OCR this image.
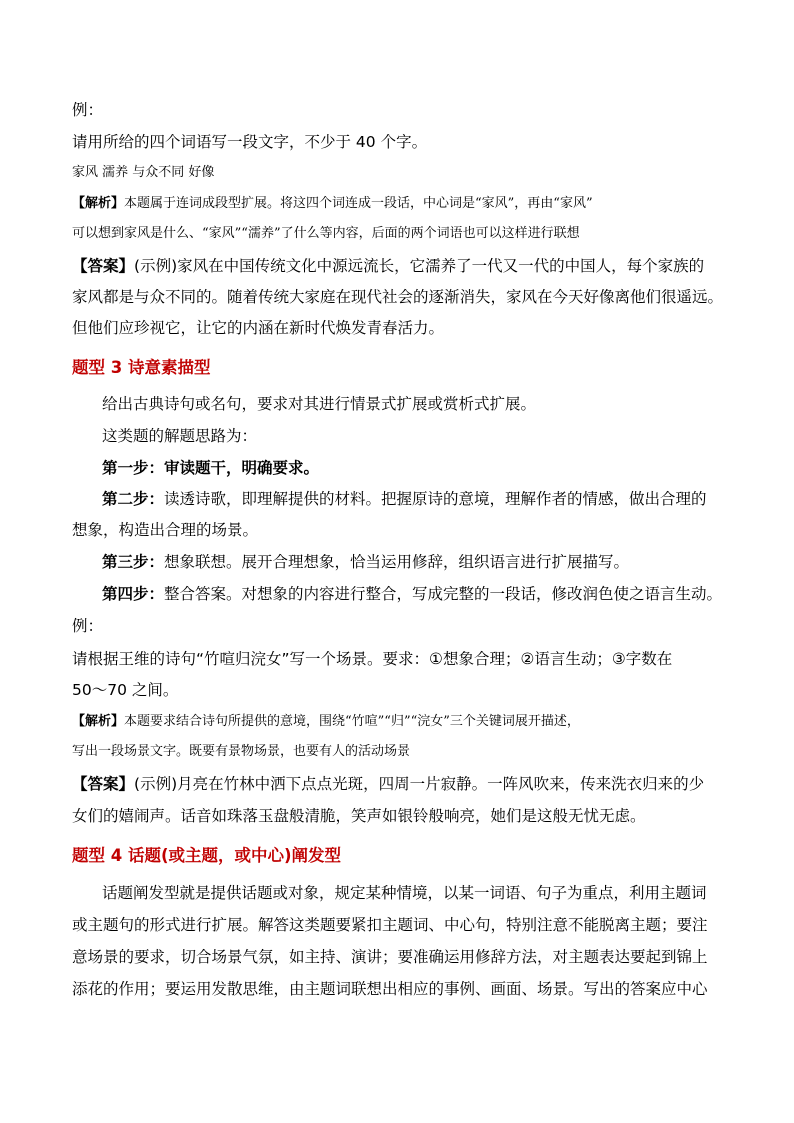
例：
请用所给的四个词语写一段文字，不少于 40 个字。
家风 濡养 与众不同 好像
【解析】本题属于连词成段型扩展。将这四个词连成一段话，中心词是“家风”，再由“家风”
可以想到家风是什么、“家风”“濡养”了什么等内容，后面的两个词语也可以这样进行联想
【答案】(示例)家风在中国传统文化中源远流长，它濡养了一代又一代的中国人，每个家族的
家风都是与众不同的。随着传统大家庭在现代社会的逐渐消失，家风在今天好像离他们很遥远。
但他们应珍视它，让它的内涵在新时代焕发青春活力。
题型 3 诗意素描型
给出古典诗句或名句，要求对其进行情景式扩展或赏析式扩展。
这类题的解题思路为：
第一步：审读题干，明确要求。
第二步：读透诗歌，即理解提供的材料。把握原诗的意境，理解作者的情感，做出合理的
想象，构造出合理的场景。
第三步：想象联想。展开合理想象，恰当运用修辞，组织语言进行扩展描写。
第四步：整合答案。对想象的内容进行整合，写成完整的一段话，修改润色使之语言生动。
例：
请根据王维的诗句“竹喧归浣女”写一个场景。要求：①想象合理；②语言生动；③字数在
50～70 之间。
【解析】本题要求结合诗句所提供的意境，围绕“竹喧”“归”“浣女”三个关键词展开描述，
写出一段场景文字。既要有景物场景，也要有人的活动场景
【答案】(示例)月亮在竹林中洒下点点光斑，四周一片寂静。一阵风吹来，传来洗衣归来的少
女们的嬉闹声。话音如珠落玉盘般清脆，笑声如银铃般响亮，她们是这般无忧无虑。
题型 4 话题(或主题，或中心)阐发型
话题阐发型就是提供话题或对象，规定某种情境，以某一词语、句子为重点，利用主题词
或主题句的形式进行扩展。解答这类题要紧扣主题词、中心句，特别注意不能脱离主题；要注
意场景的要求，切合场景气氛，如主持、演讲；要准确运用修辞方法，对主题表达要起到锦上
添花的作用；要运用发散思维，由主题词联想出相应的事例、画面、场景。写出的答案应中心
